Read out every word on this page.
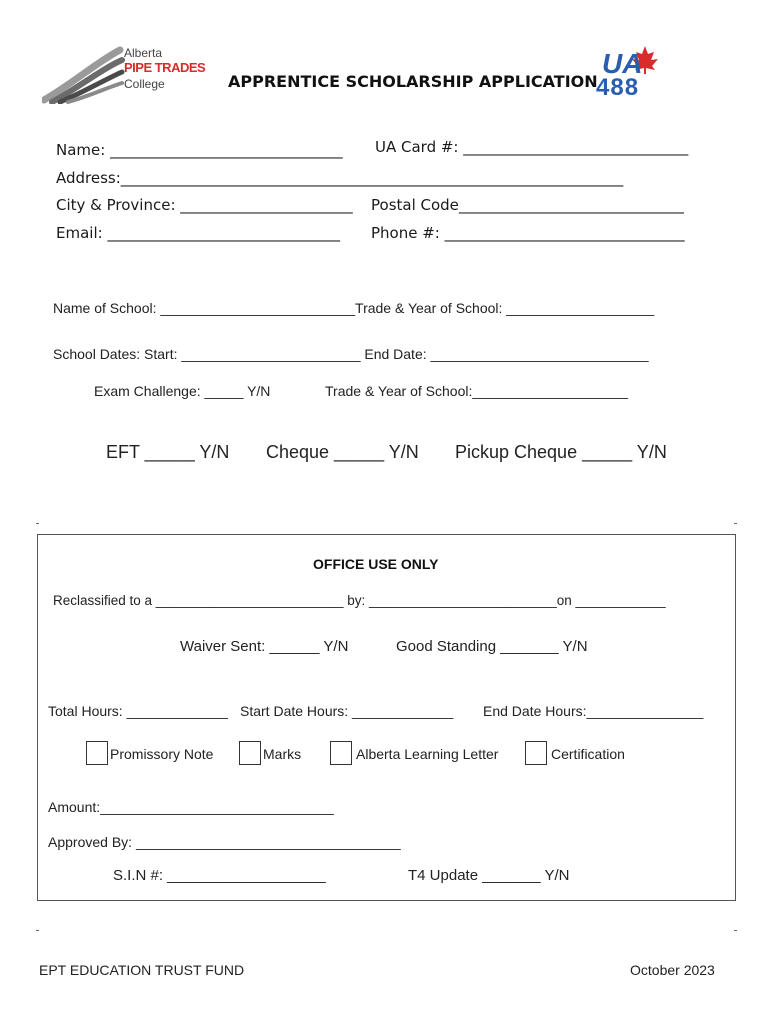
Alberta
PIPE TRADES
College	APPRENTICE SCHOLARSHIP APPLICATION
UA
488
Name: _______________________________ UA Card #: ______________________________
Address:___________________________________________________________________
City & Province: _______________________ Postal Code______________________________
Email: _______________________________ Phone #: ________________________________
Name of School: _________________________Trade & Year of School: ___________________
School Dates: Start: _______________________ End Date: ____________________________
Exam Challenge: _____ Y/N	Trade & Year of School:____________________
EFT _____ Y/N Cheque _____ Y/N Pickup Cheque _____ Y/N
OFFICE USE ONLY
Reclassified to a _________________________ by: _________________________on ____________
Waiver Sent: ______ Y/N	Good Standing _______ Y/N
Total Hours: _____________ Start Date Hours: _____________ End Date Hours:_______________
Promissory Note	Marks	Alberta Learning Letter	Certification
Amount:______________________________
Approved By: __________________________________
S.I.N #: ___________________	T4 Update _______ Y/N
EPT EDUCATION TRUST FUND	October 2023
